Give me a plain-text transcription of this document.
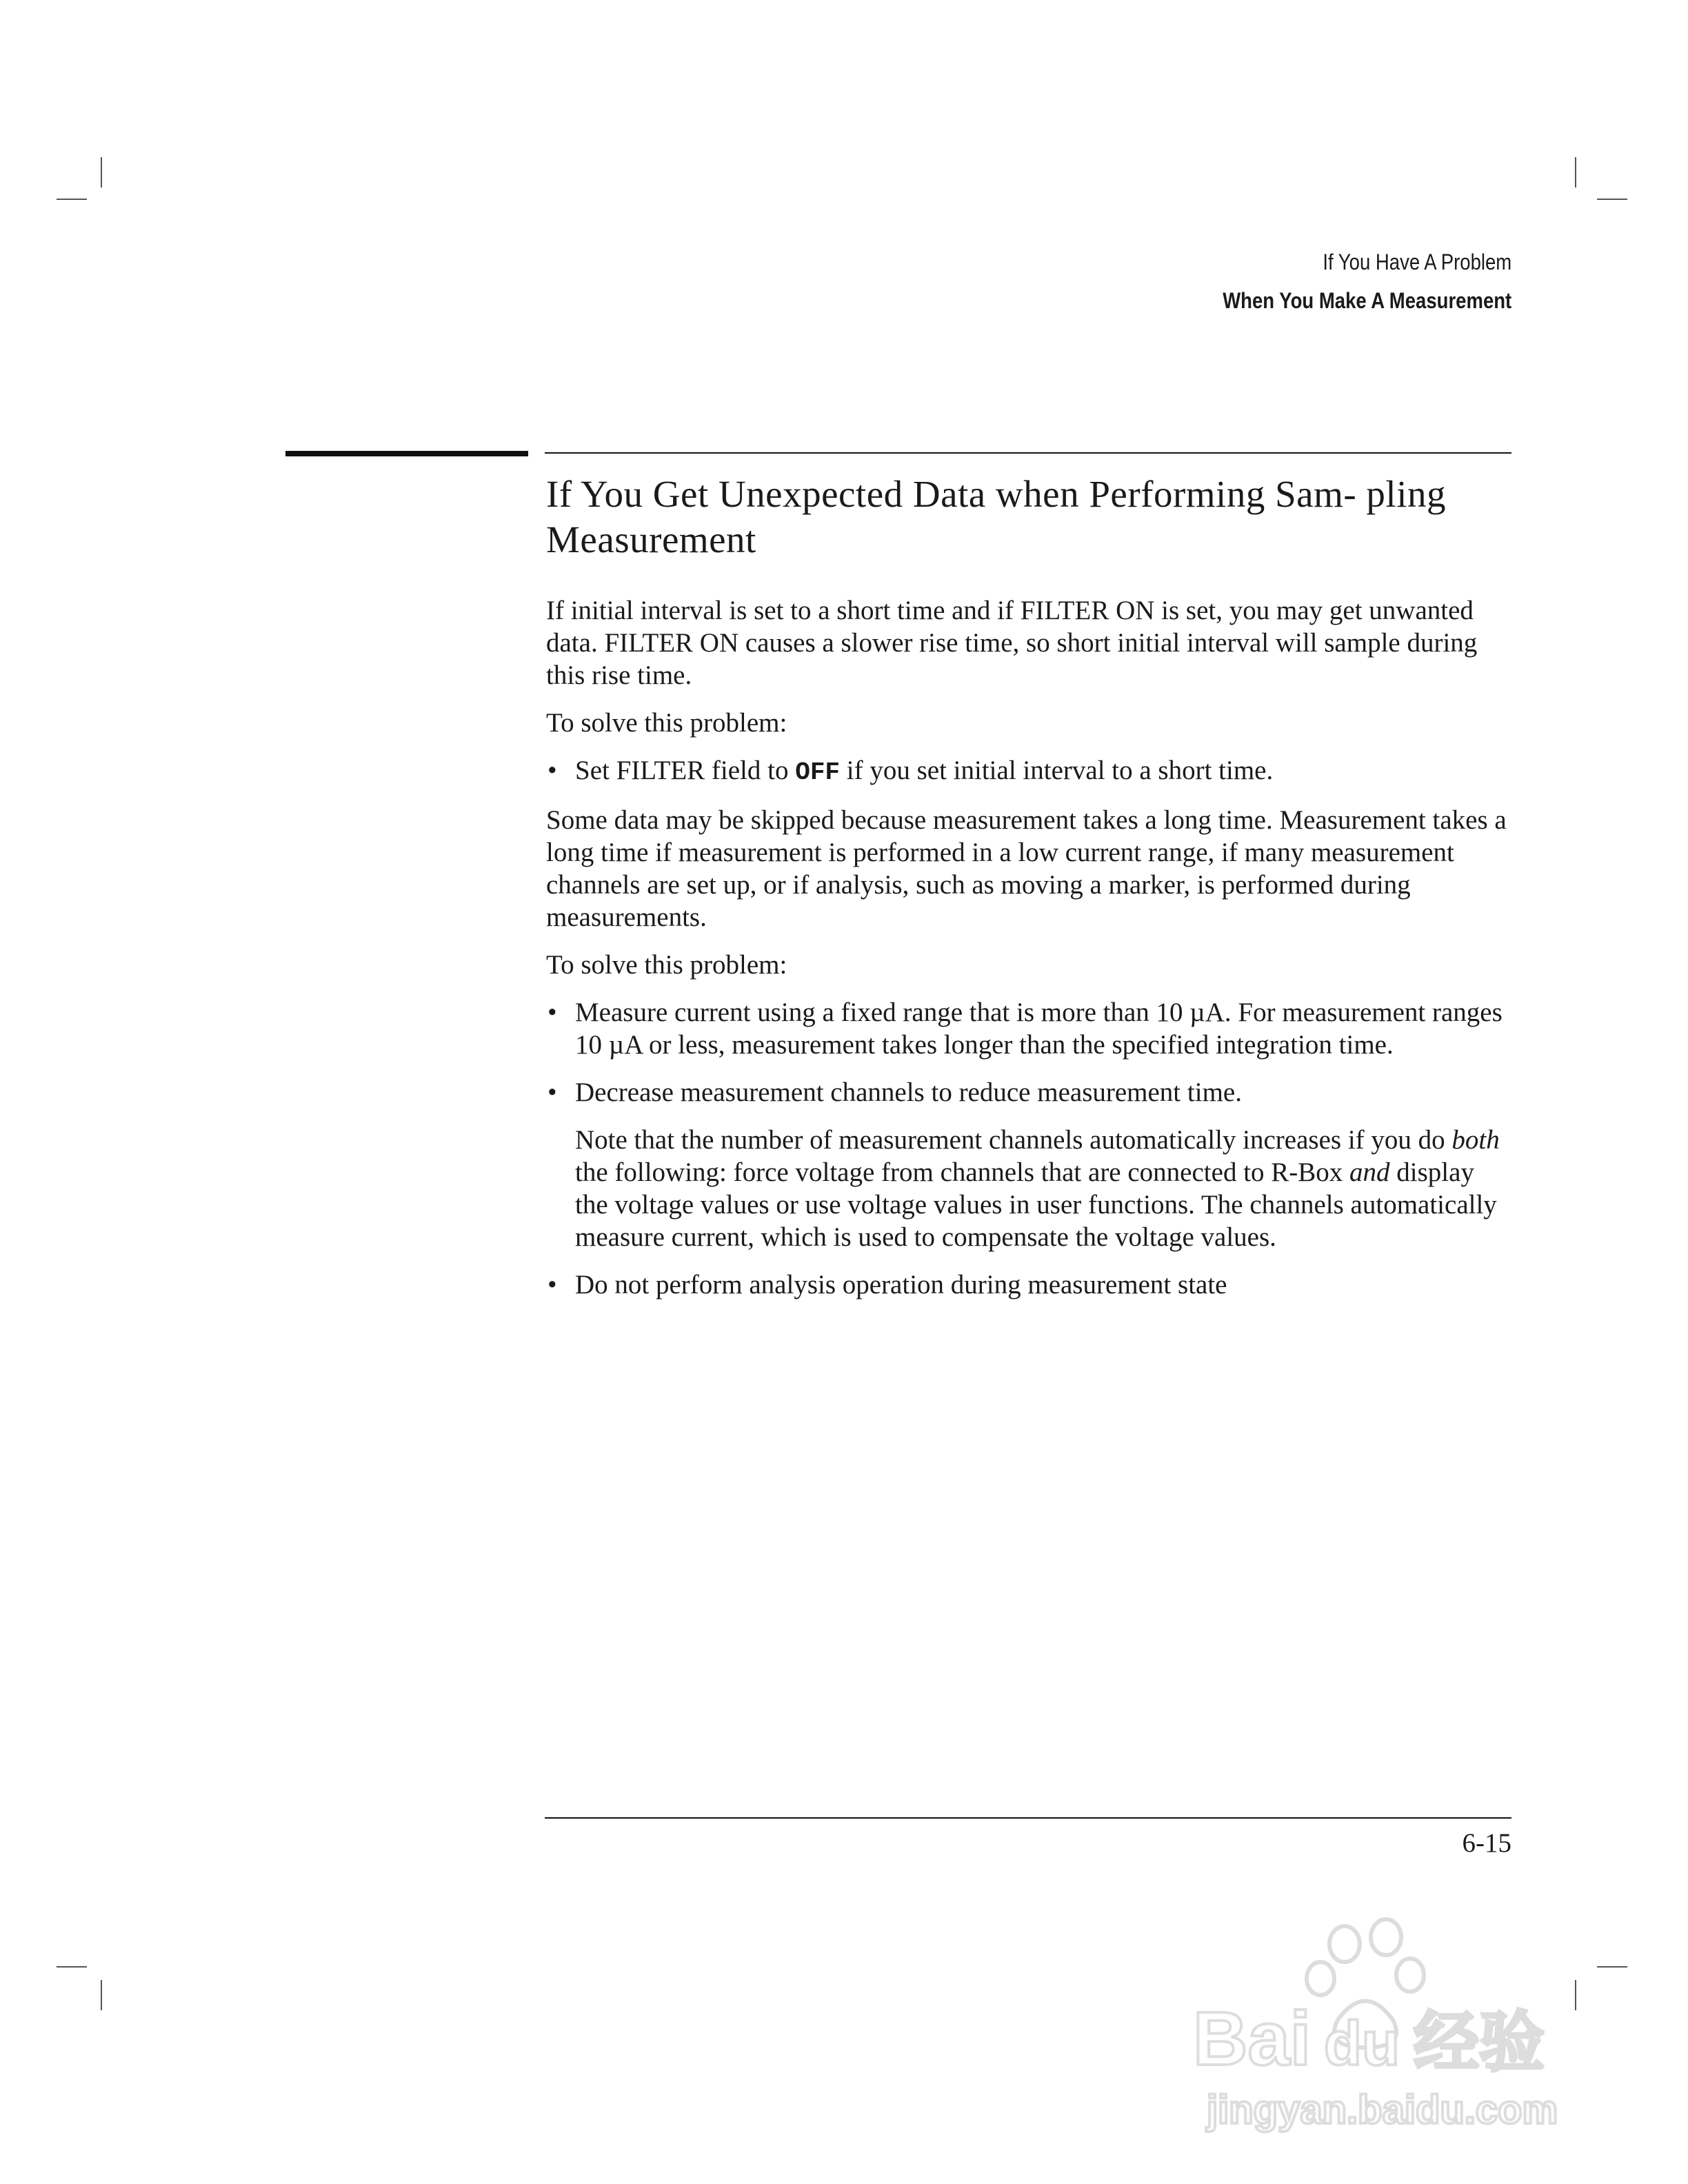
If You Have A Problem
When You Make A Measurement
If You Get Unexpected Data when Performing Sam- pling Measurement

If initial interval is set to a short time and if FILTER ON is set, you may get unwanted data. FILTER ON causes a slower rise time, so short initial interval will sample during this rise time.

To solve this problem:

• Set FILTER field to OFF if you set initial interval to a short time.

Some data may be skipped because measurement takes a long time. Measurement takes a long time if measurement is performed in a low current range, if many measurement channels are set up, or if analysis, such as moving a marker, is performed during measurements.

To solve this problem:

• Measure current using a fixed range that is more than 10 µA. For measurement ranges 10 µA or less, measurement takes longer than the specified integration time.
• Decrease measurement channels to reduce measurement time.

Note that the number of measurement channels automatically increases if you do both the following: force voltage from channels that are connected to R-Box and display the voltage values or use voltage values in user functions. The channels automatically measure current, which is used to compensate the voltage values.

• Do not perform analysis operation during measurement state
6-15
Bai du 经验
jingyan.baidu.com
